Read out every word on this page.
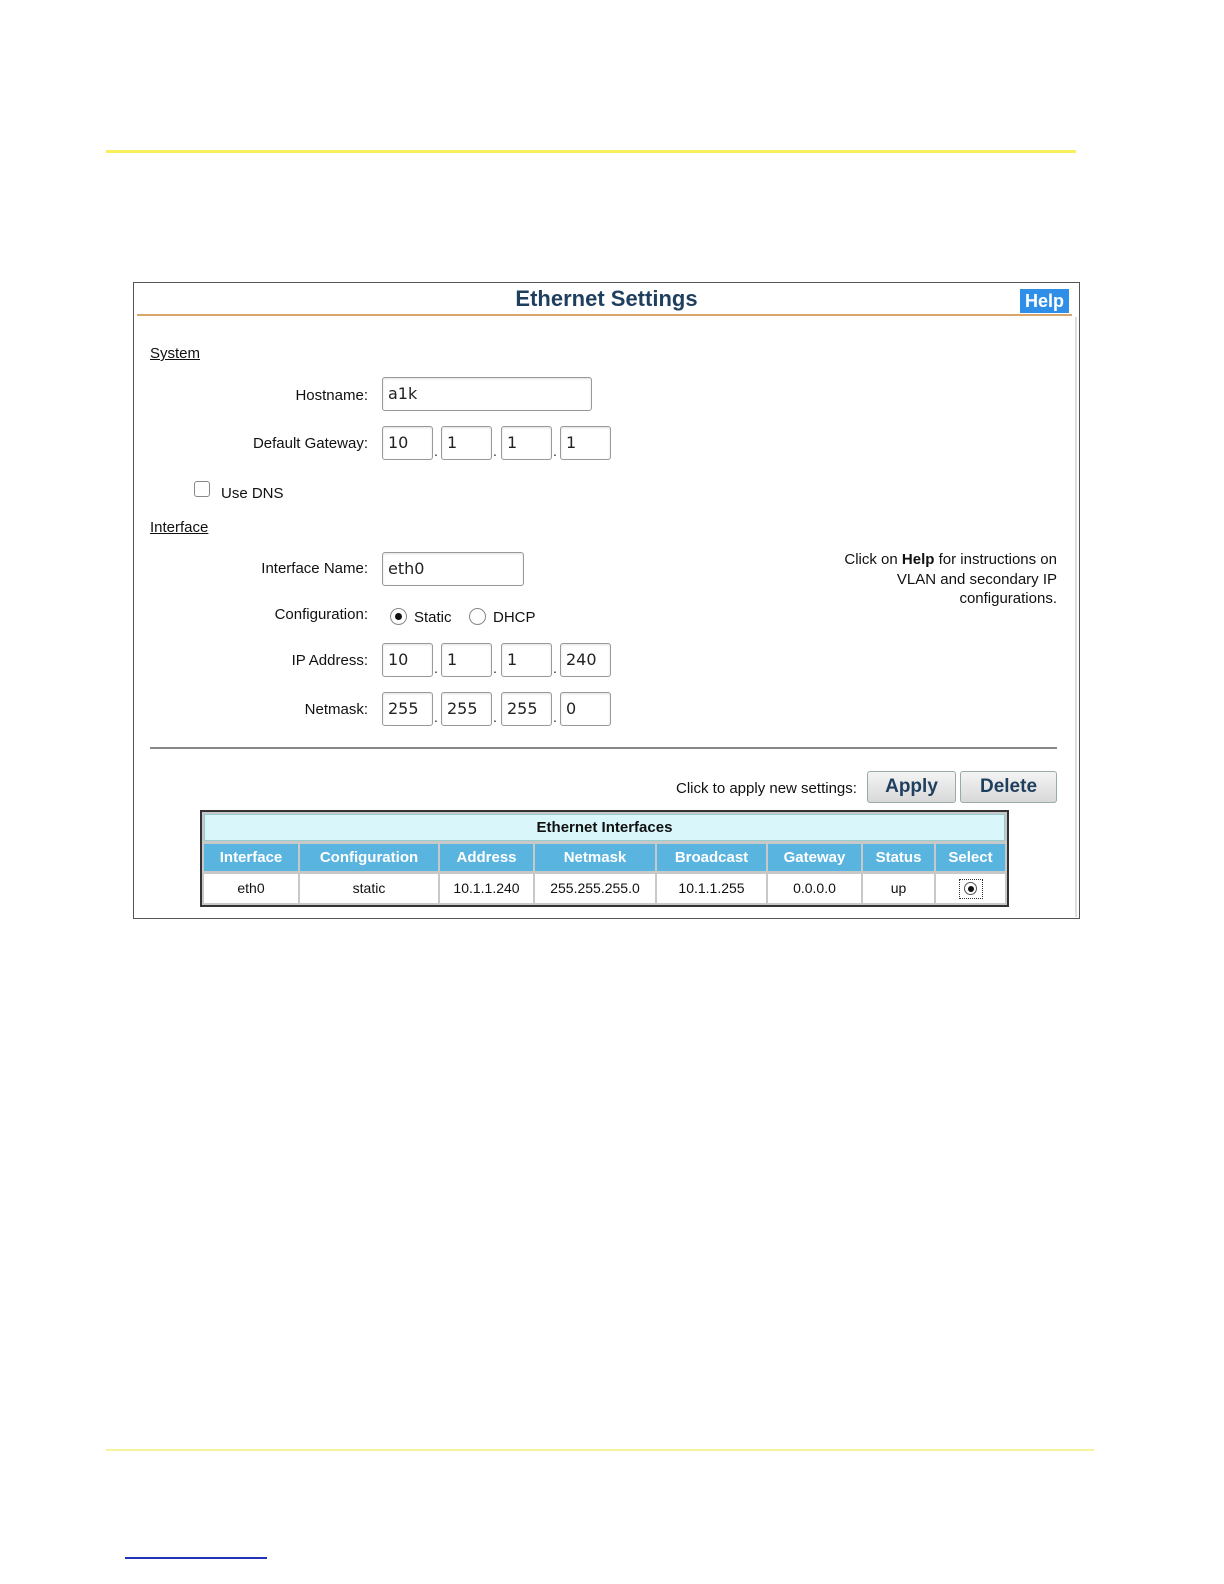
Ethernet Settings	Help
System
Hostname:	a1k
Default Gateway:	10	. 1	. 1	. 1
Use DNS
Interface
Interface Name:	eth0
Configuration:	Static	DHCP
IP Address:	10	. 1	. 1	. 240
Netmask:	255	. 255	. 255	. 0
Click on Help for instructions on VLAN and secondary IP configurations.
Click to apply new settings:	Apply	Delete
Ethernet Interfaces
Interface	Configuration	Address	Netmask	Broadcast	Gateway	Status	Select
eth0	static	10.1.1.240	255.255.255.0	10.1.1.255	0.0.0.0	up
